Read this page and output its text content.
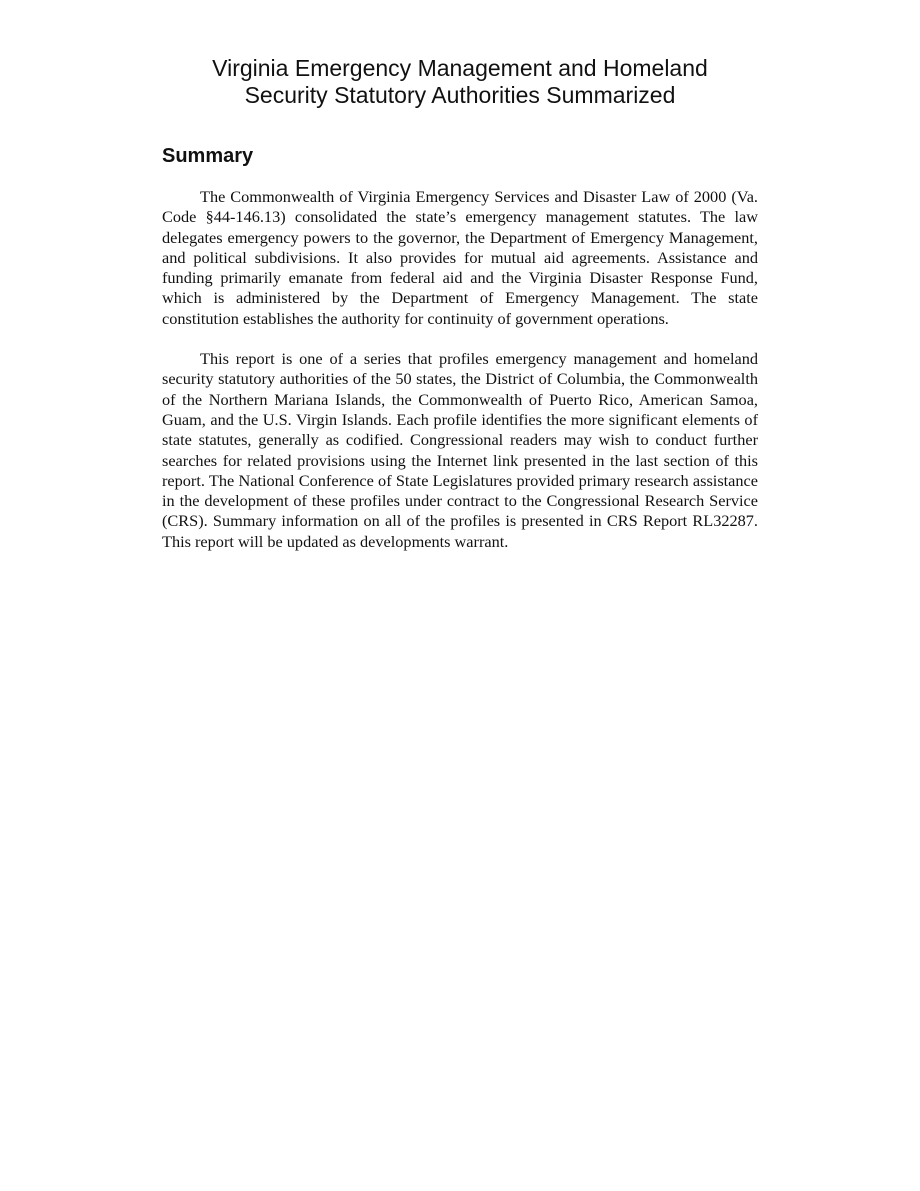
Virginia Emergency Management and Homeland
Security Statutory Authorities Summarized
Summary

The Commonwealth of Virginia Emergency Services and Disaster Law of 2000 (Va. Code §44-146.13) consolidated the state’s emergency management statutes. The law delegates emergency powers to the governor, the Department of Emergency Management, and political subdivisions. It also provides for mutual aid agreements. Assistance and funding primarily emanate from federal aid and the Virginia Disaster Response Fund, which is administered by the Department of Emergency Management. The state constitution establishes the authority for continuity of government operations.

This report is one of a series that profiles emergency management and homeland security statutory authorities of the 50 states, the District of Columbia, the Commonwealth of the Northern Mariana Islands, the Commonwealth of Puerto Rico, American Samoa, Guam, and the U.S. Virgin Islands. Each profile identifies the more significant elements of state statutes, generally as codified. Congressional readers may wish to conduct further searches for related provisions using the Internet link presented in the last section of this report. The National Conference of State Legislatures provided primary research assistance in the development of these profiles under contract to the Congressional Research Service (CRS). Summary information on all of the profiles is presented in CRS Report RL32287. This report will be updated as developments warrant.
